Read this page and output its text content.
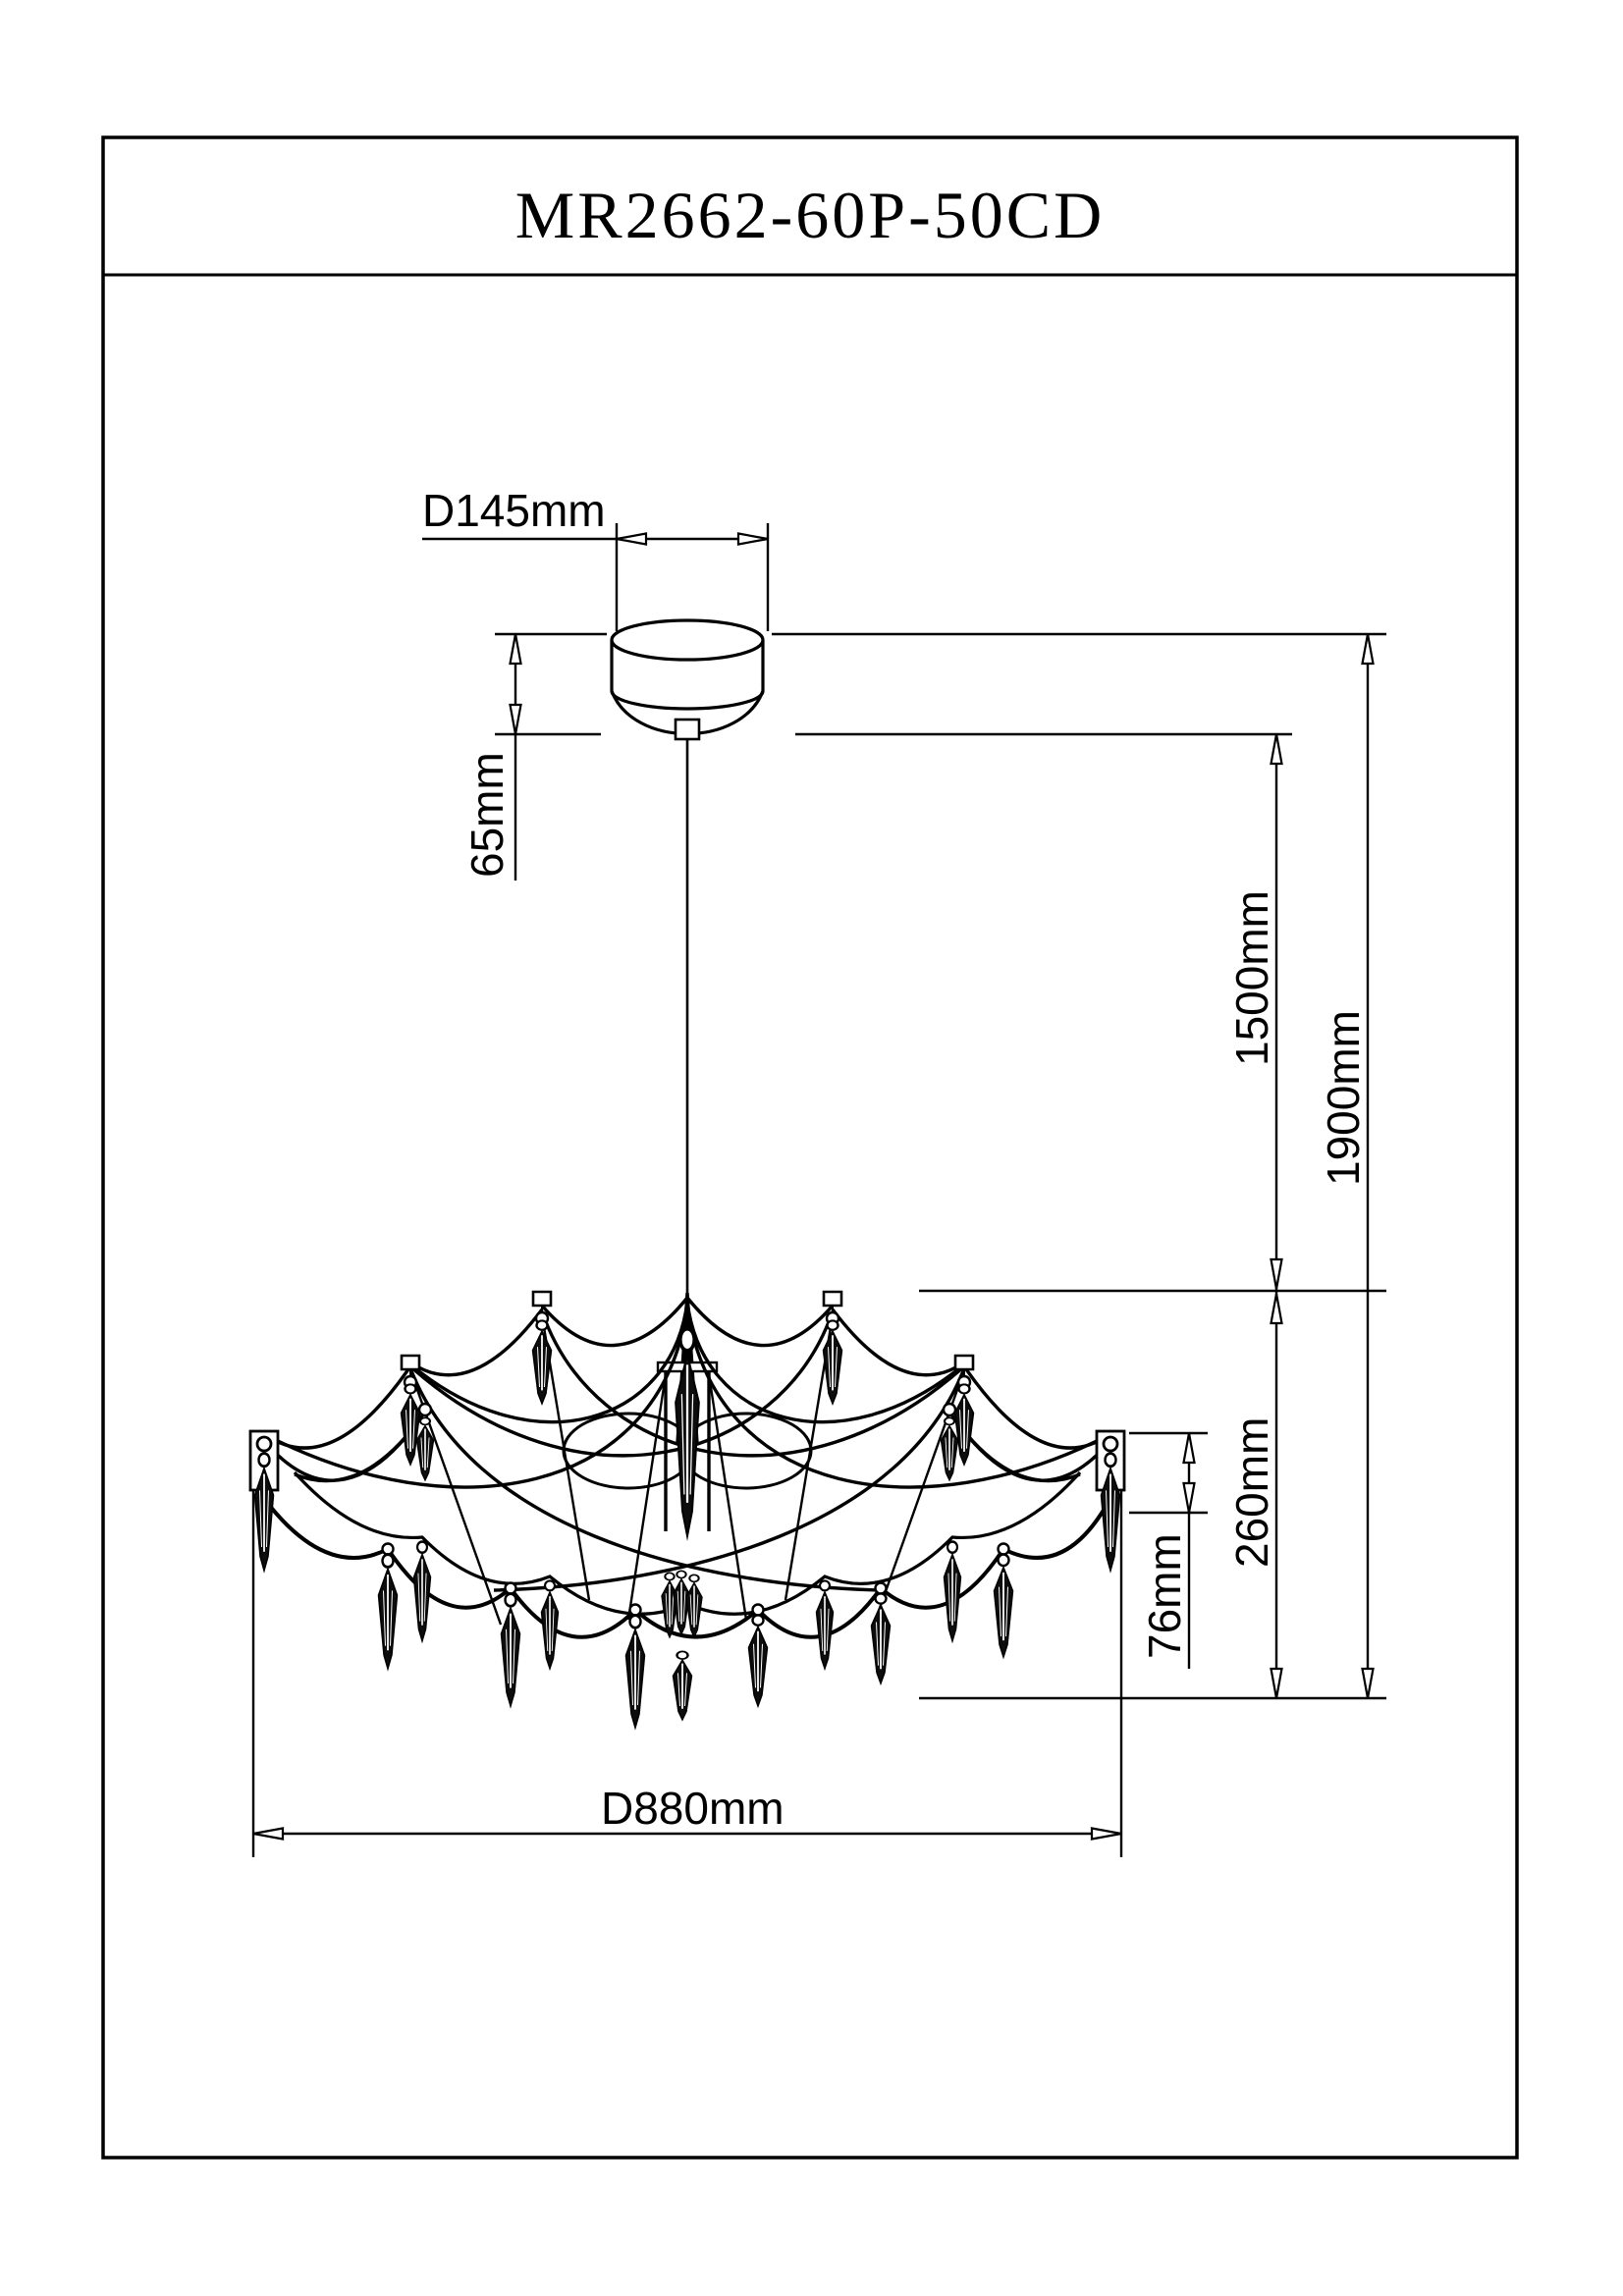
MR2662-60P-50CD
D145mm
65mm
1500mm
1900mm
260mm
76mm
D880mm
